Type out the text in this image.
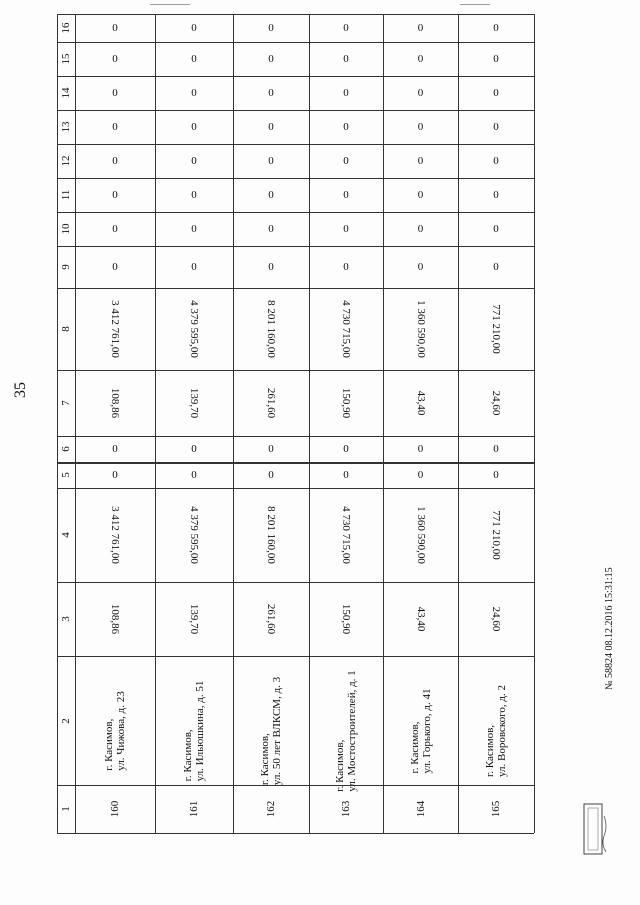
35
16
15
14
13
12
11
10
9
8
7
6
5
4
3
2
1
0
0
0
0
0
0
0
0
3 412 761,00
108,86
0
0
3 412 761,00
108,86
г. Касимов, ул. Чижова, д. 23
160
0
0
0
0
0
0
0
0
4 379 595,00
139,70
0
0
4 379 595,00
139,70
г. Касимов, ул. Ильюшкина, д. 51
161
0
0
0
0
0
0
0
0
8 201 160,00
261,60
0
0
8 201 160,00
261,60
г. Касимов, ул. 50 лет ВЛКСМ, д. 3
162
0
0
0
0
0
0
0
0
4 730 715,00
150,90
0
0
4 730 715,00
150,90
г. Касимов, ул. Мостостроителей, д. 1
163
0
0
0
0
0
0
0
0
1 360 590,00
43,40
0
0
1 360 590,00
43,40
г. Касимов, ул. Горького, д. 41
164
0
0
0
0
0
0
0
0
771 210,00
24,60
0
0
771 210,00
24,60
г. Касимов, ул. Воровского, д. 2
165
№ 58824 08.12.2016 15:31:15
